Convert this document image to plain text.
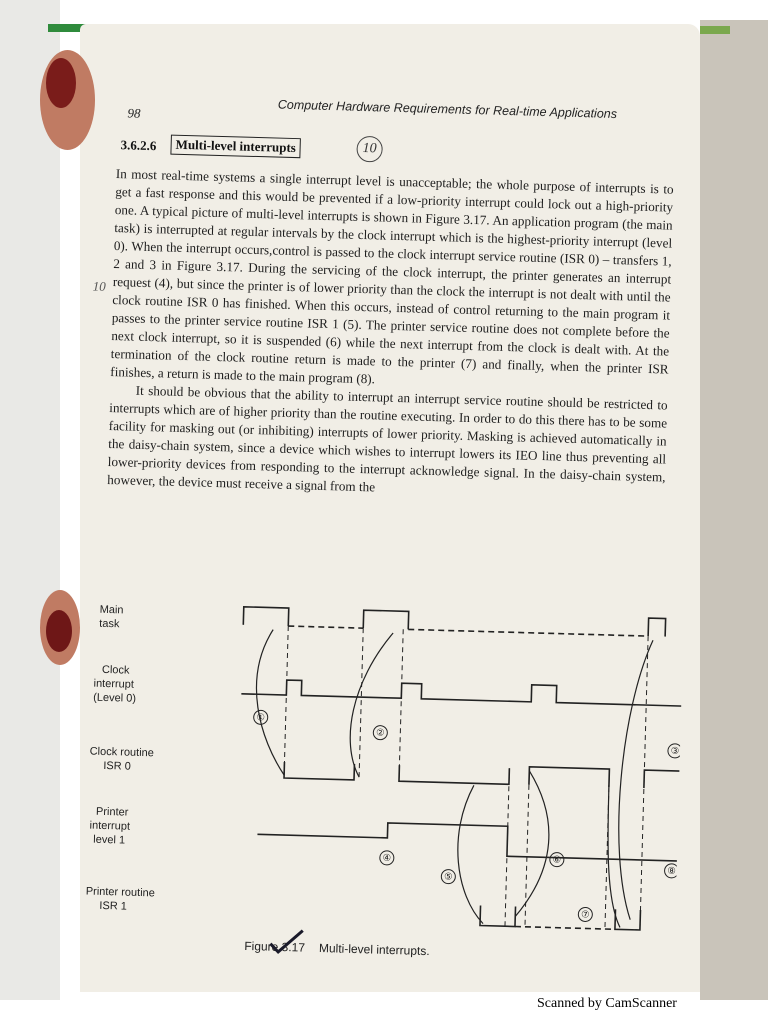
98	Computer Hardware Requirements for Real-time Applications
3.6.2.6	Multi-level interrupts	10
10

In most real-time systems a single interrupt level is unacceptable; the whole purpose of interrupts is to get a fast response and this would be prevented if a low-priority interrupt could lock out a high-priority one. A typical picture of multi-level interrupts is shown in Figure 3.17. An application program (the main task) is interrupted at regular intervals by the clock interrupt which is the highest-priority interrupt (level 0). When the interrupt occurs,control is passed to the clock interrupt service routine (ISR 0) – transfers 1, 2 and 3 in Figure 3.17. During the servicing of the clock interrupt, the printer generates an interrupt request (4), but since the printer is of lower priority than the clock the interrupt is not dealt with until the clock routine ISR 0 has finished. When this occurs, instead of control returning to the main program it passes to the printer service routine ISR 1 (5). The printer service routine does not complete before the next clock interrupt, so it is suspended (6) while the next interrupt from the clock is dealt with. At the termination of the clock routine return is made to the printer (7) and finally, when the printer ISR finishes, a return is made to the main program (8).

It should be obvious that the ability to interrupt an interrupt service routine should be restricted to interrupts which are of higher priority than the routine executing. In order to do this there has to be some facility for masking out (or inhibiting) interrupts of lower priority. Masking is achieved automatically in the daisy-chain system, since a device which wishes to interrupt lowers its IEO line thus preventing all lower-priority devices from responding to the interrupt acknowledge signal. In the daisy-chain system, however, the device must receive a signal from the

Maintask
Clockinterrupt(Level 0)
Clock routineISR 0
Printerinterruptlevel 1
Printer routineISR 1
①
②
③
④
⑤
⑥
⑦
⑧
Figure 3.17 Multi-level interrupts.
Scanned by CamScanner
